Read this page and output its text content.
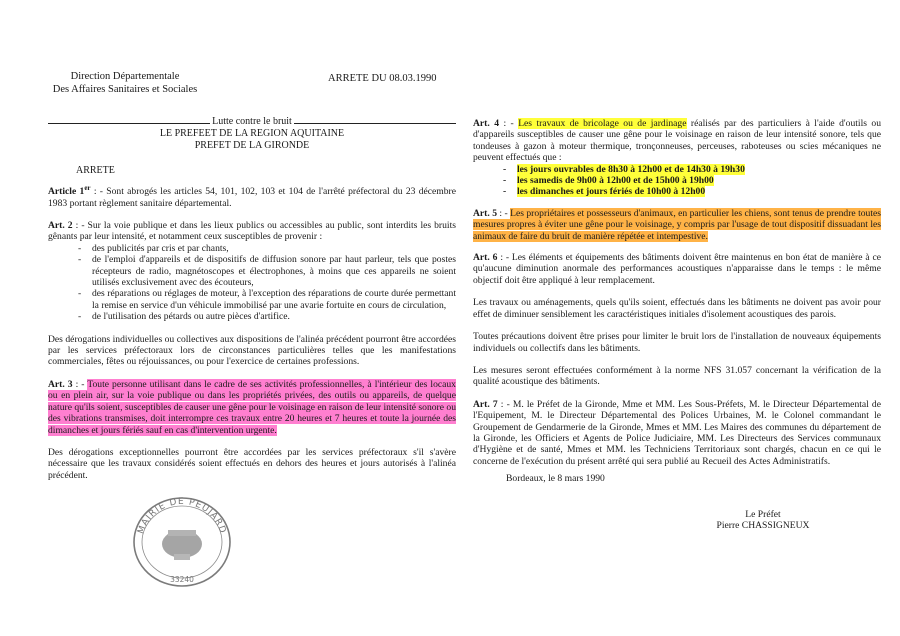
Direction Départementale
Des Affaires Sanitaires et Sociales
ARRETE DU 08.03.1990
Lutte contre le bruit
LE PREFEET DE LA REGION AQUITAINE
PREFET DE LA GIRONDE
ARRETE

Article 1er : - Sont abrogés les articles 54, 101, 102, 103 et 104 de l'arrêté préfectoral du 23 décembre 1983 portant règlement sanitaire départemental.

Art. 2 : - Sur la voie publique et dans les lieux publics ou accessibles au public, sont interdits les bruits gênants par leur intensité, et notamment ceux susceptibles de provenir :

- des publicités par cris et par chants,
- de l'emploi d'appareils et de dispositifs de diffusion sonore par haut parleur, tels que postes récepteurs de radio, magnétoscopes et électrophones, à moins que ces appareils ne soient utilisés exclusivement avec des écouteurs,
- des réparations ou réglages de moteur, à l'exception des réparations de courte durée permettant la remise en service d'un véhicule immobilisé par une avarie fortuite en cours de circulation,
- de l'utilisation des pétards ou autre pièces d'artifice.

Des dérogations individuelles ou collectives aux dispositions de l'alinéa précédent pourront être accordées par les services préfectoraux lors de circonstances particulières telles que les manifestations commerciales, fêtes ou réjouissances, ou pour l'exercice de certaines professions.

Art. 3 : - Toute personne utilisant dans le cadre de ses activités professionnelles, à l'intérieur des locaux ou en plein air, sur la voie publique ou dans les propriétés privées, des outils ou appareils, de quelque nature qu'ils soient, susceptibles de causer une gêne pour le voisinage en raison de leur intensité sonore ou des vibrations transmises, doit interrompre ces travaux entre 20 heures et 7 heures et toute la journée des dimanches et jours fériés sauf en cas d'intervention urgente.

Des dérogations exceptionnelles pourront être accordées par les services préfectoraux s'il s'avère nécessaire que les travaux considérés soient effectués en dehors des heures et jours autorisés à l'alinéa précédent.

MAIRIE DE PEUJARD
33240

Art. 4 : - Les travaux de bricolage ou de jardinage réalisés par des particuliers à l'aide d'outils ou d'appareils susceptibles de causer une gêne pour le voisinage en raison de leur intensité sonore, tels que tondeuses à gazon à moteur thermique, tronçonneuses, perceuses, raboteuses ou scies mécaniques ne peuvent effectués que :

- les jours ouvrables de 8h30 à 12h00 et de 14h30 à 19h30
- les samedis de 9h00 à 12h00 et de 15h00 à 19h00
- les dimanches et jours fériés de 10h00 à 12h00

Art. 5 : - Les propriétaires et possesseurs d'animaux, en particulier les chiens, sont tenus de prendre toutes mesures propres à éviter une gêne pour le voisinage, y compris par l'usage de tout dispositif dissuadant les animaux de faire du bruit de manière répétée et intempestive.

Art. 6 : - Les éléments et équipements des bâtiments doivent être maintenus en bon état de manière à ce qu'aucune diminution anormale des performances acoustiques n'apparaisse dans le temps : le même objectif doit être appliqué à leur remplacement.

Les travaux ou aménagements, quels qu'ils soient, effectués dans les bâtiments ne doivent pas avoir pour effet de diminuer sensiblement les caractéristiques initiales d'isolement acoustiques des parois.

Toutes précautions doivent être prises pour limiter le bruit lors de l'installation de nouveaux équipements individuels ou collectifs dans les bâtiments.

Les mesures seront effectuées conformément à la norme NFS 31.057 concernant la vérification de la qualité acoustique des bâtiments.

Art. 7 : - M. le Préfet de la Gironde, Mme et MM. Les Sous-Préfets, M. le Directeur Départemental de l'Equipement, M. le Directeur Départemental des Polices Urbaines, M. le Colonel commandant le Groupement de Gendarmerie de la Gironde, Mmes et MM. Les Maires des communes du département de la Gironde, les Officiers et Agents de Police Judiciaire, MM. Les Directeurs des Services communaux d'Hygiène et de santé, Mmes et MM. les Techniciens Territoriaux sont chargés, chacun en ce qui le concerne de l'exécution du présent arrêté qui sera publié au Recueil des Actes Administratifs.

Bordeaux, le 8 mars 1990
Le Préfet
Pierre CHASSIGNEUX
